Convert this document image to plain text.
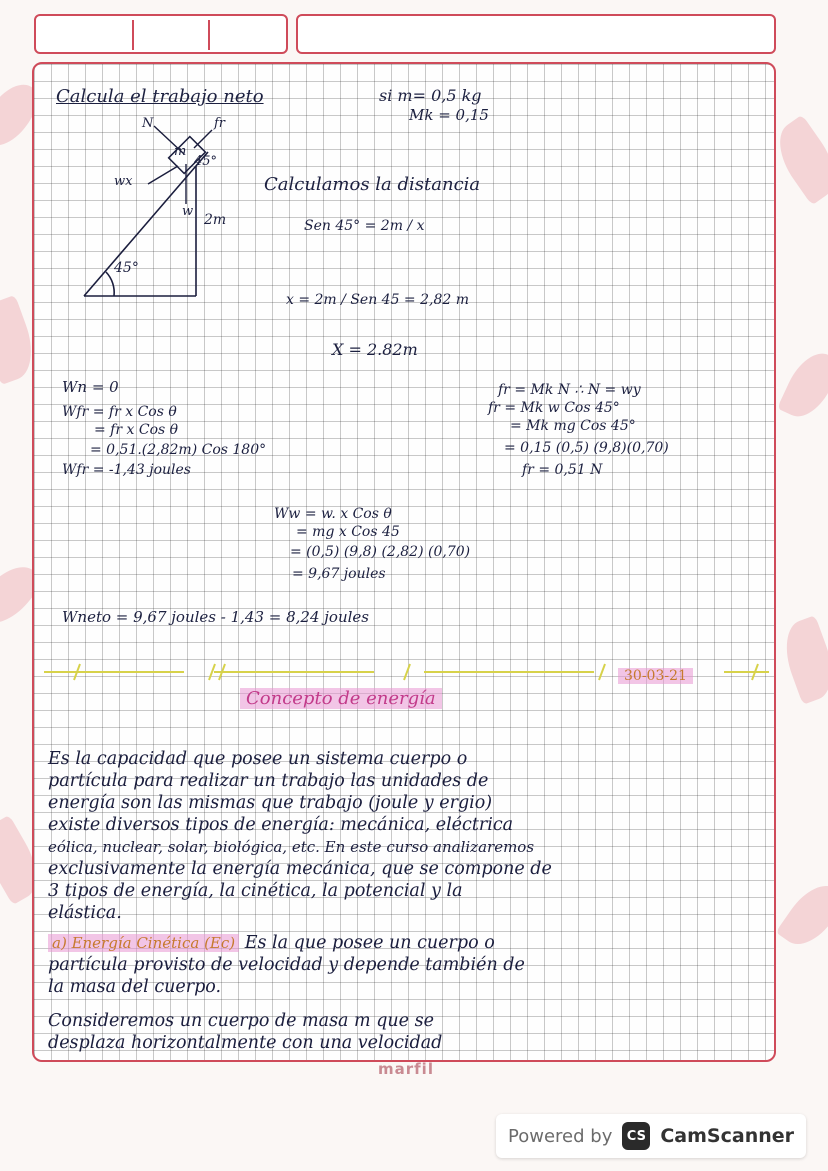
Calcula el trabajo neto	si m= 0,5 kg
Mk = 0,15
N	fr
m
45°
wx
w
2m
45°
Calculamos la distancia
Sen 45° = 2m / x
x = 2m / Sen 45 = 2,82 m
X = 2.82m
Wn = 0
Wfr = fr x Cos θ
= fr x Cos θ
= 0,51.(2,82m) Cos 180°
Wfr = -1,43 joules
fr = Mk N ∴ N = wy
fr = Mk w Cos 45°
= Mk mg Cos 45°
= 0,15 (0,5) (9,8)(0,70)
fr = 0,51 N
Ww = w. x Cos θ
= mg x Cos 45
= (0,5) (9,8) (2,82) (0,70)
= 9,67 joules
Wneto = 9,67 joules - 1,43 = 8,24 joules
30-03-21
Concepto de energía
Es la capacidad que posee un sistema cuerpo o
partícula para realizar un trabajo las unidades de
energía son las mismas que trabajo (joule y ergio)
existe diversos tipos de energía: mecánica, eléctrica
eólica, nuclear, solar, biológica, etc. En este curso analizaremos
exclusivamente la energía mecánica, que se compone de
3 tipos de energía, la cinética, la potencial y la
elástica.
a) Energía Cinética (Ec) Es la que posee un cuerpo o
partícula provisto de velocidad y depende también de
la masa del cuerpo.
Consideremos un cuerpo de masa m que se
desplaza horizontalmente con una velocidad
marfil
Powered by	CS CamScanner
